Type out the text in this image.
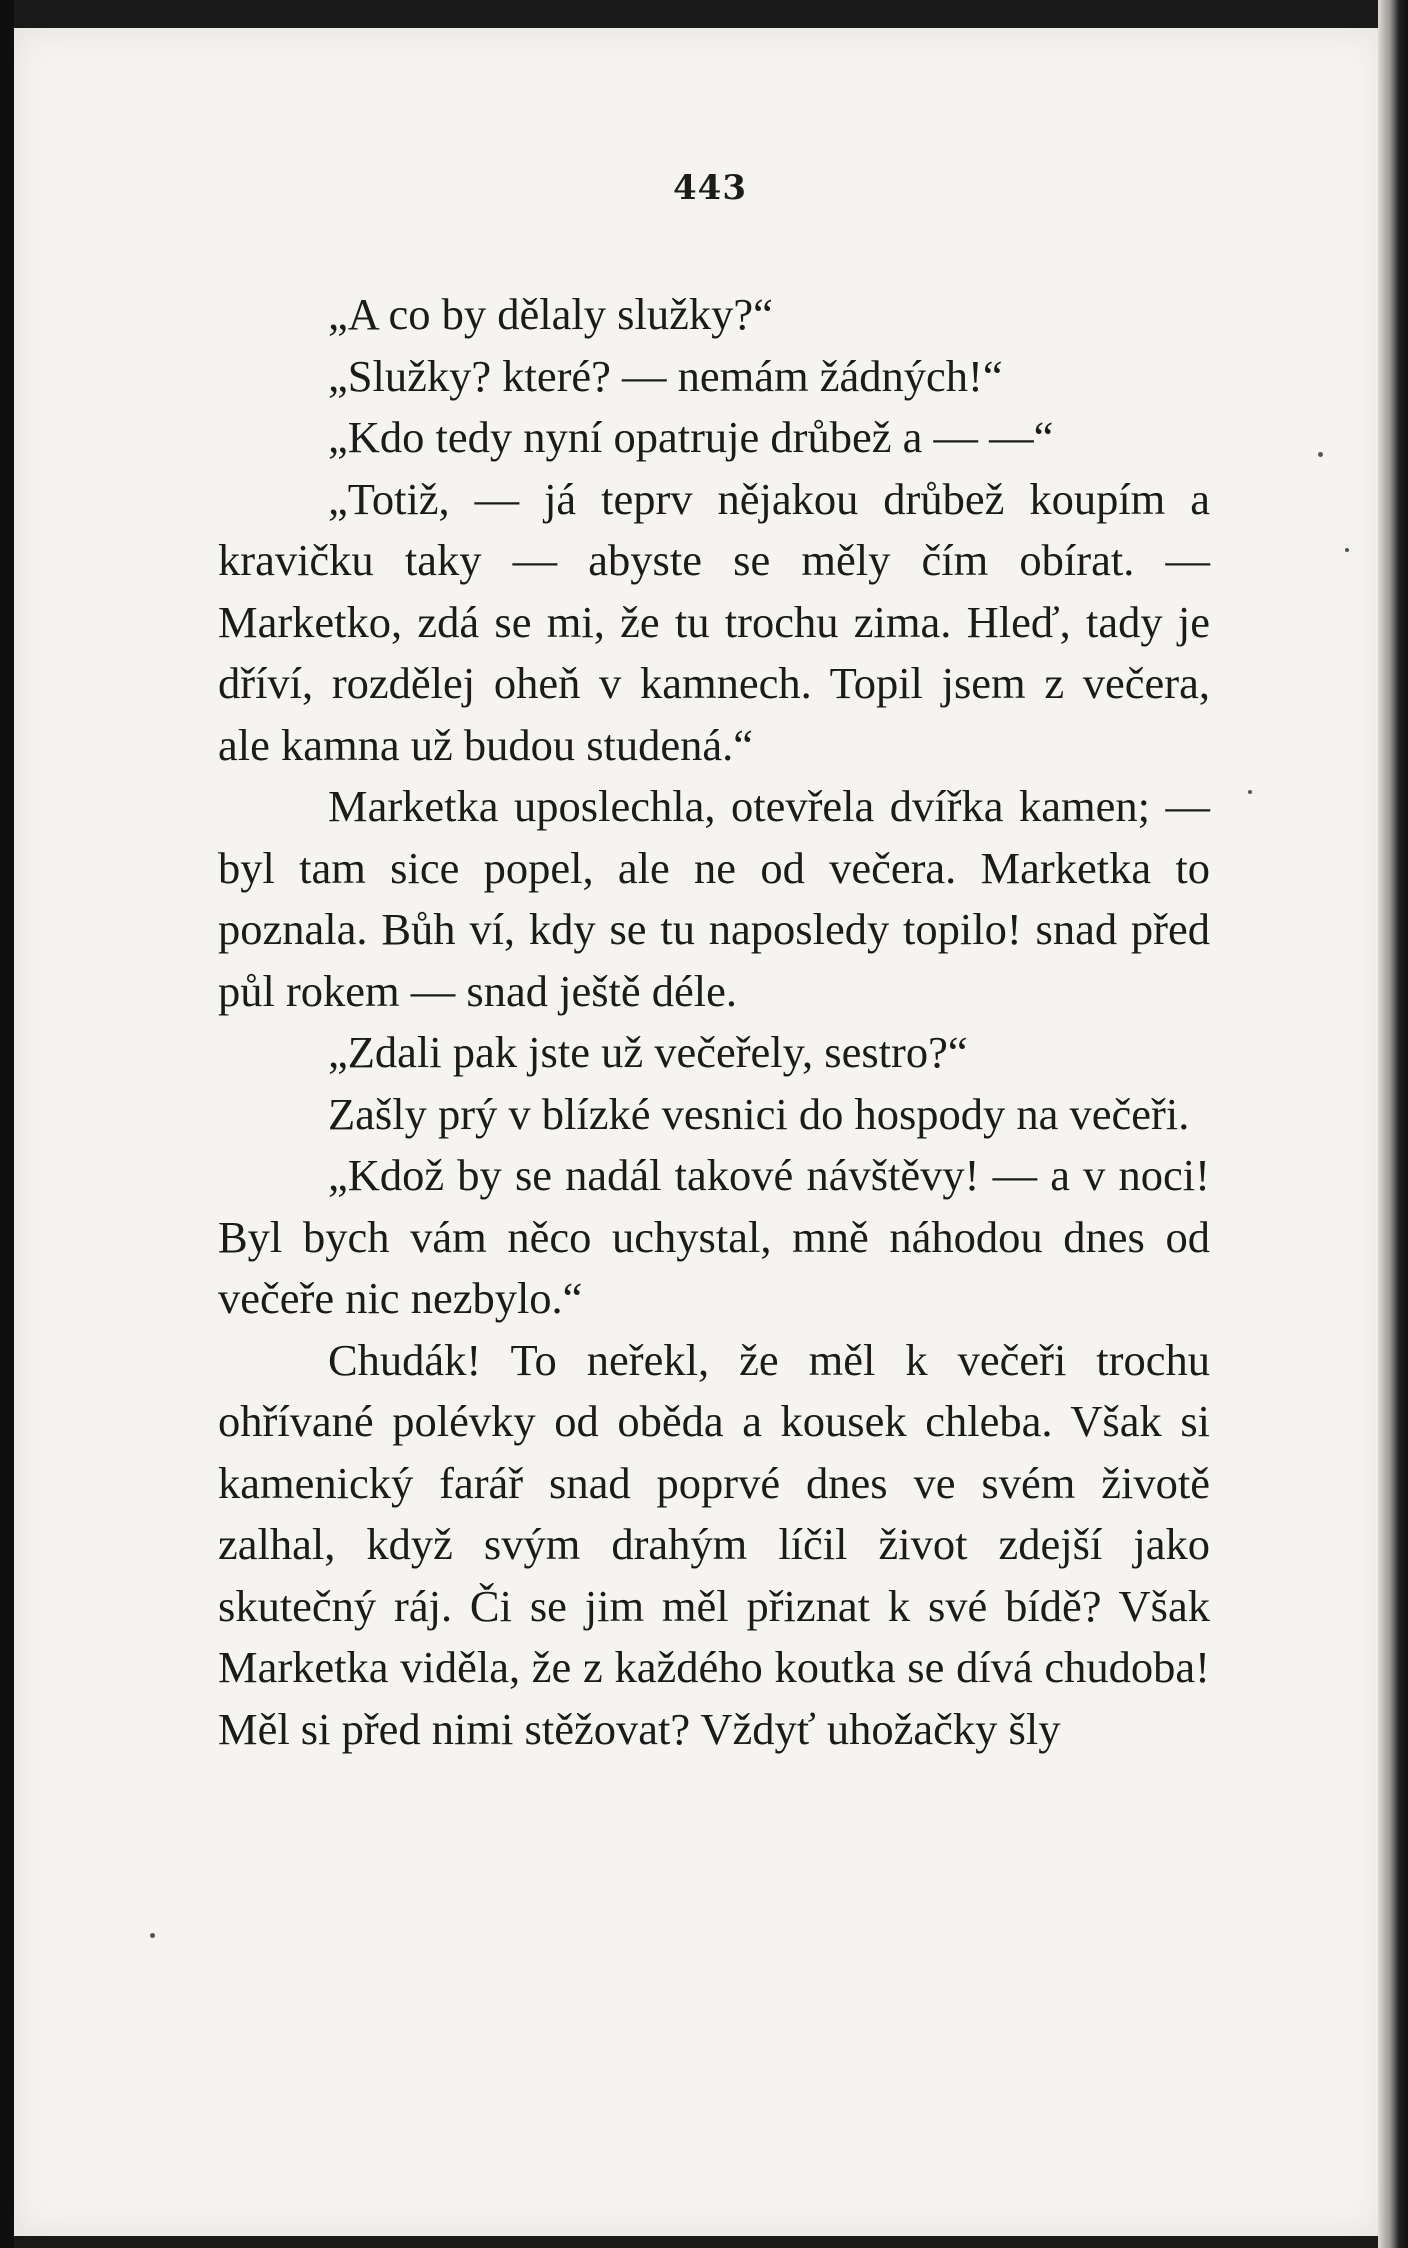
443

„A co by dělaly služky?“

„Služky? které? — nemám žádných!“

„Kdo tedy nyní opatruje drůbež a — —“

„Totiž, — já teprv nějakou drůbež koupím a kravičku taky — abyste se měly čím obírat. — Marketko, zdá se mi, že tu trochu zima. Hleď, tady je dříví, rozdělej oheň v kamnech. Topil jsem z večera, ale kamna už budou studená.“

Marketka uposlechla, otevřela dvířka kamen; — byl tam sice popel, ale ne od večera. Marketka to poznala. Bůh ví, kdy se tu naposledy topilo! snad před půl rokem — snad ještě déle.

„Zdali pak jste už večeřely, sestro?“

Zašly prý v blízké vesnici do hospody na večeři.

„Kdož by se nadál takové návštěvy! — a v noci! Byl bych vám něco uchystal, mně náhodou dnes od večeře nic nezbylo.“

Chudák! To neřekl, že měl k večeři trochu ohřívané polévky od oběda a kousek chleba. Však si kamenický farář snad poprvé dnes ve svém životě zalhal, když svým drahým líčil život zdejší jako skutečný ráj. Či se jim měl přiznat k své bídě? Však Marketka viděla, že z každého koutka se dívá chudoba! Měl si před nimi stěžovat? Vždyť uhožačky šly
